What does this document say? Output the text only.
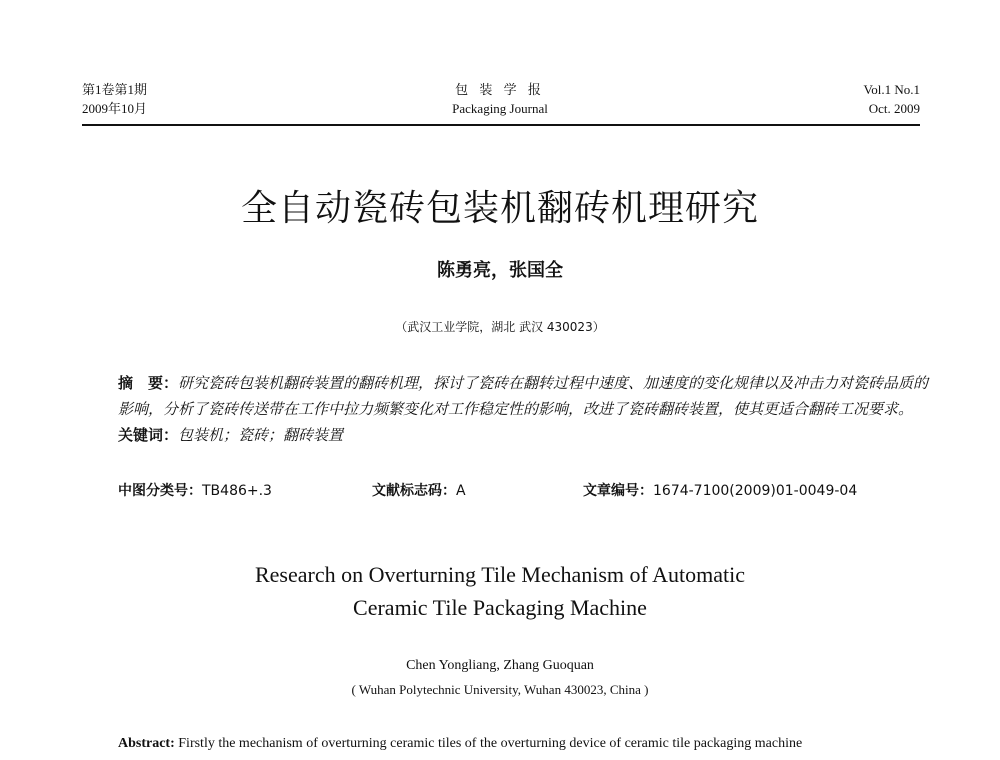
第1卷第1期
2009年10月
包 装 学 报
Packaging Journal
Vol.1 No.1
Oct. 2009
全自动瓷砖包装机翻砖机理研究
陈勇亮，张国全
（武汉工业学院，湖北 武汉 430023）
摘　要：研究瓷砖包装机翻砖装置的翻砖机理，探讨了瓷砖在翻转过程中速度、加速度的变化规律以及冲击力对瓷砖品质的影响，分析了瓷砖传送带在工作中拉力频繁变化对工作稳定性的影响，改进了瓷砖翻砖装置，使其更适合翻砖工况要求。
关键词：包装机；瓷砖；翻砖装置
中图分类号：TB486+.3	文献标志码：A	文章编号：1674-7100(2009)01-0049-04
Research on Overturning Tile Mechanism of Automatic
Ceramic Tile Packaging Machine
Chen Yongliang, Zhang Guoquan
( Wuhan Polytechnic University, Wuhan 430023, China )
Abstract: Firstly the mechanism of overturning ceramic tiles of the overturning device of ceramic tile packaging machine
